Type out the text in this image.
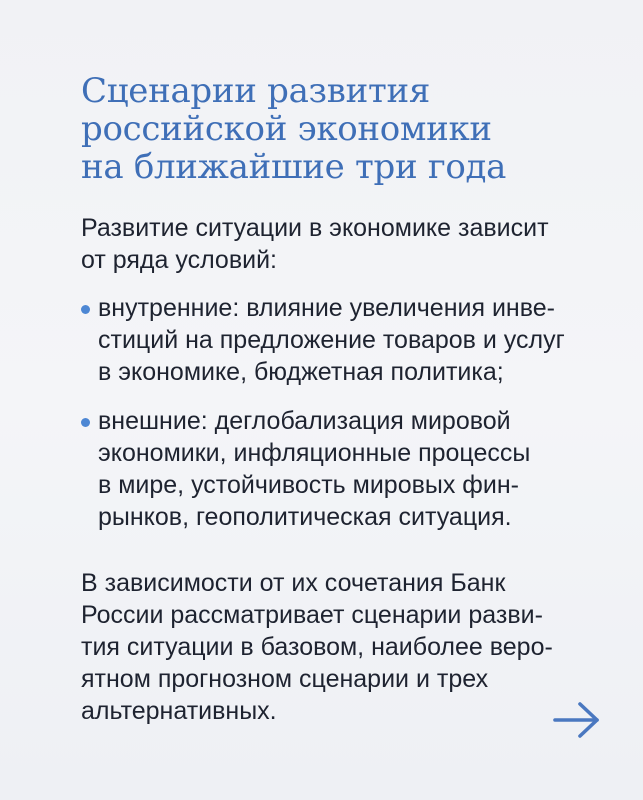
Сценарии развития
российской экономики
на ближайшие три года
Развитие ситуации в экономике зависит
от ряда условий:
внутренние: влияние увеличения инве-
стиций на предложение товаров и услуг
в экономике, бюджетная политика;
внешние: деглобализация мировой
экономики, инфляционные процессы
в мире, устойчивость мировых фин-
рынков, геополитическая ситуация.
В зависимости от их сочетания Банк
России рассматривает сценарии разви-
тия ситуации в базовом, наиболее веро-
ятном прогнозном сценарии и трех
альтернативных.
